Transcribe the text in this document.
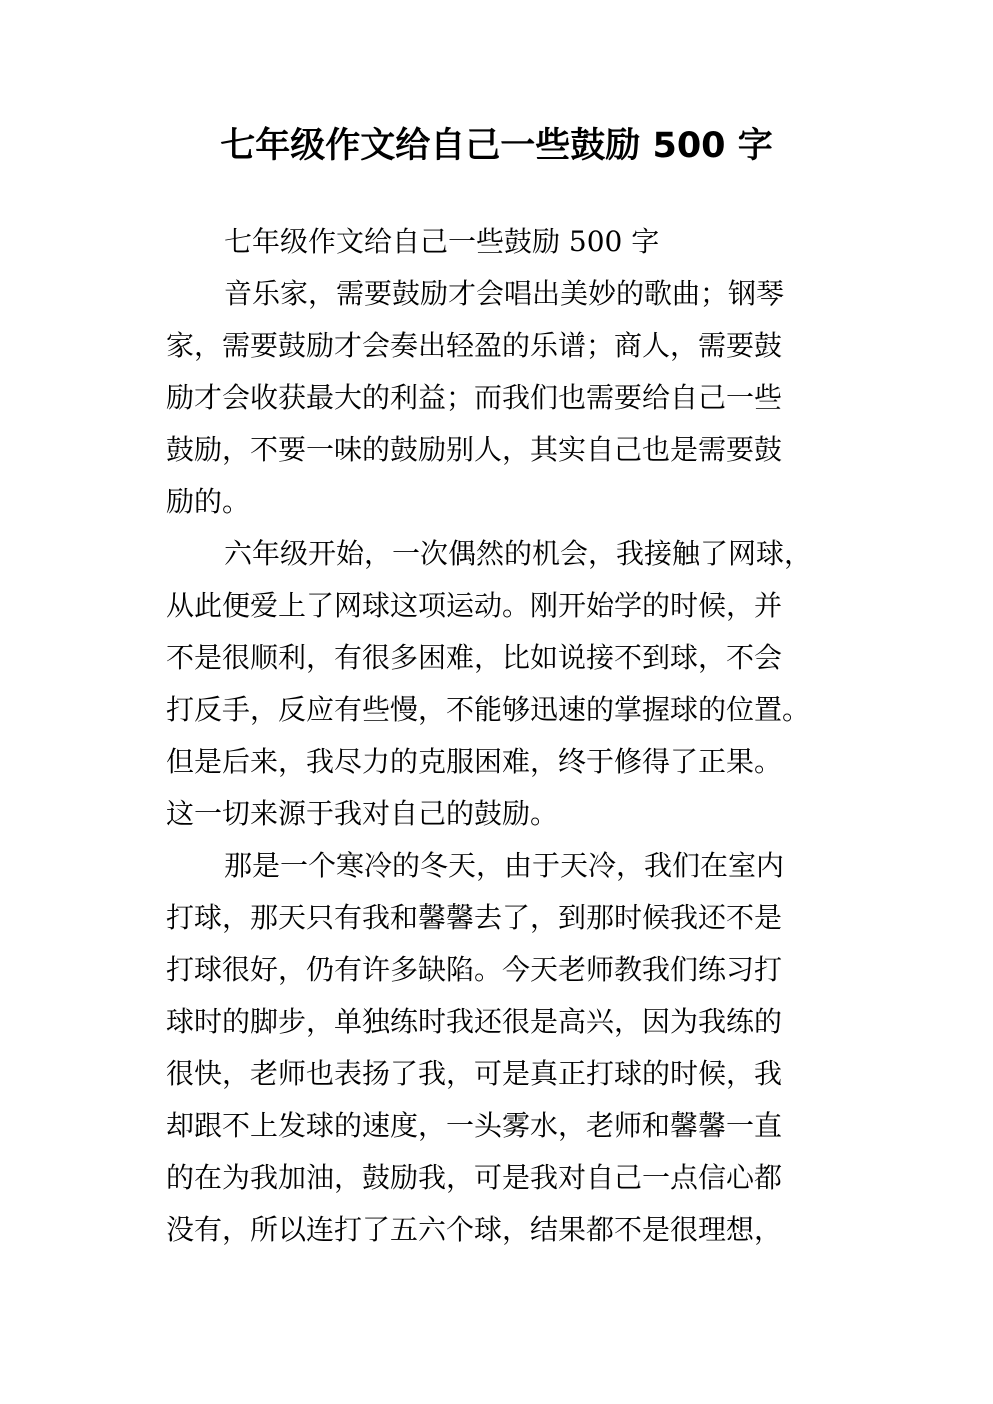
七年级作文给自己一些鼓励 500 字

七年级作文给自己一些鼓励 500 字

音乐家，需要鼓励才会唱出美妙的歌曲；钢琴
家，需要鼓励才会奏出轻盈的乐谱；商人，需要鼓
励才会收获最大的利益；而我们也需要给自己一些
鼓励，不要一味的鼓励别人，其实自己也是需要鼓
励的。

六年级开始，一次偶然的机会，我接触了网球，
从此便爱上了网球这项运动。刚开始学的时候，并
不是很顺利，有很多困难，比如说接不到球，不会
打反手，反应有些慢，不能够迅速的掌握球的位置。
但是后来，我尽力的克服困难，终于修得了正果。
这一切来源于我对自己的鼓励。

那是一个寒冷的冬天，由于天冷，我们在室内
打球，那天只有我和馨馨去了，到那时候我还不是
打球很好，仍有许多缺陷。今天老师教我们练习打
球时的脚步，单独练时我还很是高兴，因为我练的
很快，老师也表扬了我，可是真正打球的时候，我
却跟不上发球的速度，一头雾水，老师和馨馨一直
的在为我加油，鼓励我，可是我对自己一点信心都
没有，所以连打了五六个球，结果都不是很理想，
